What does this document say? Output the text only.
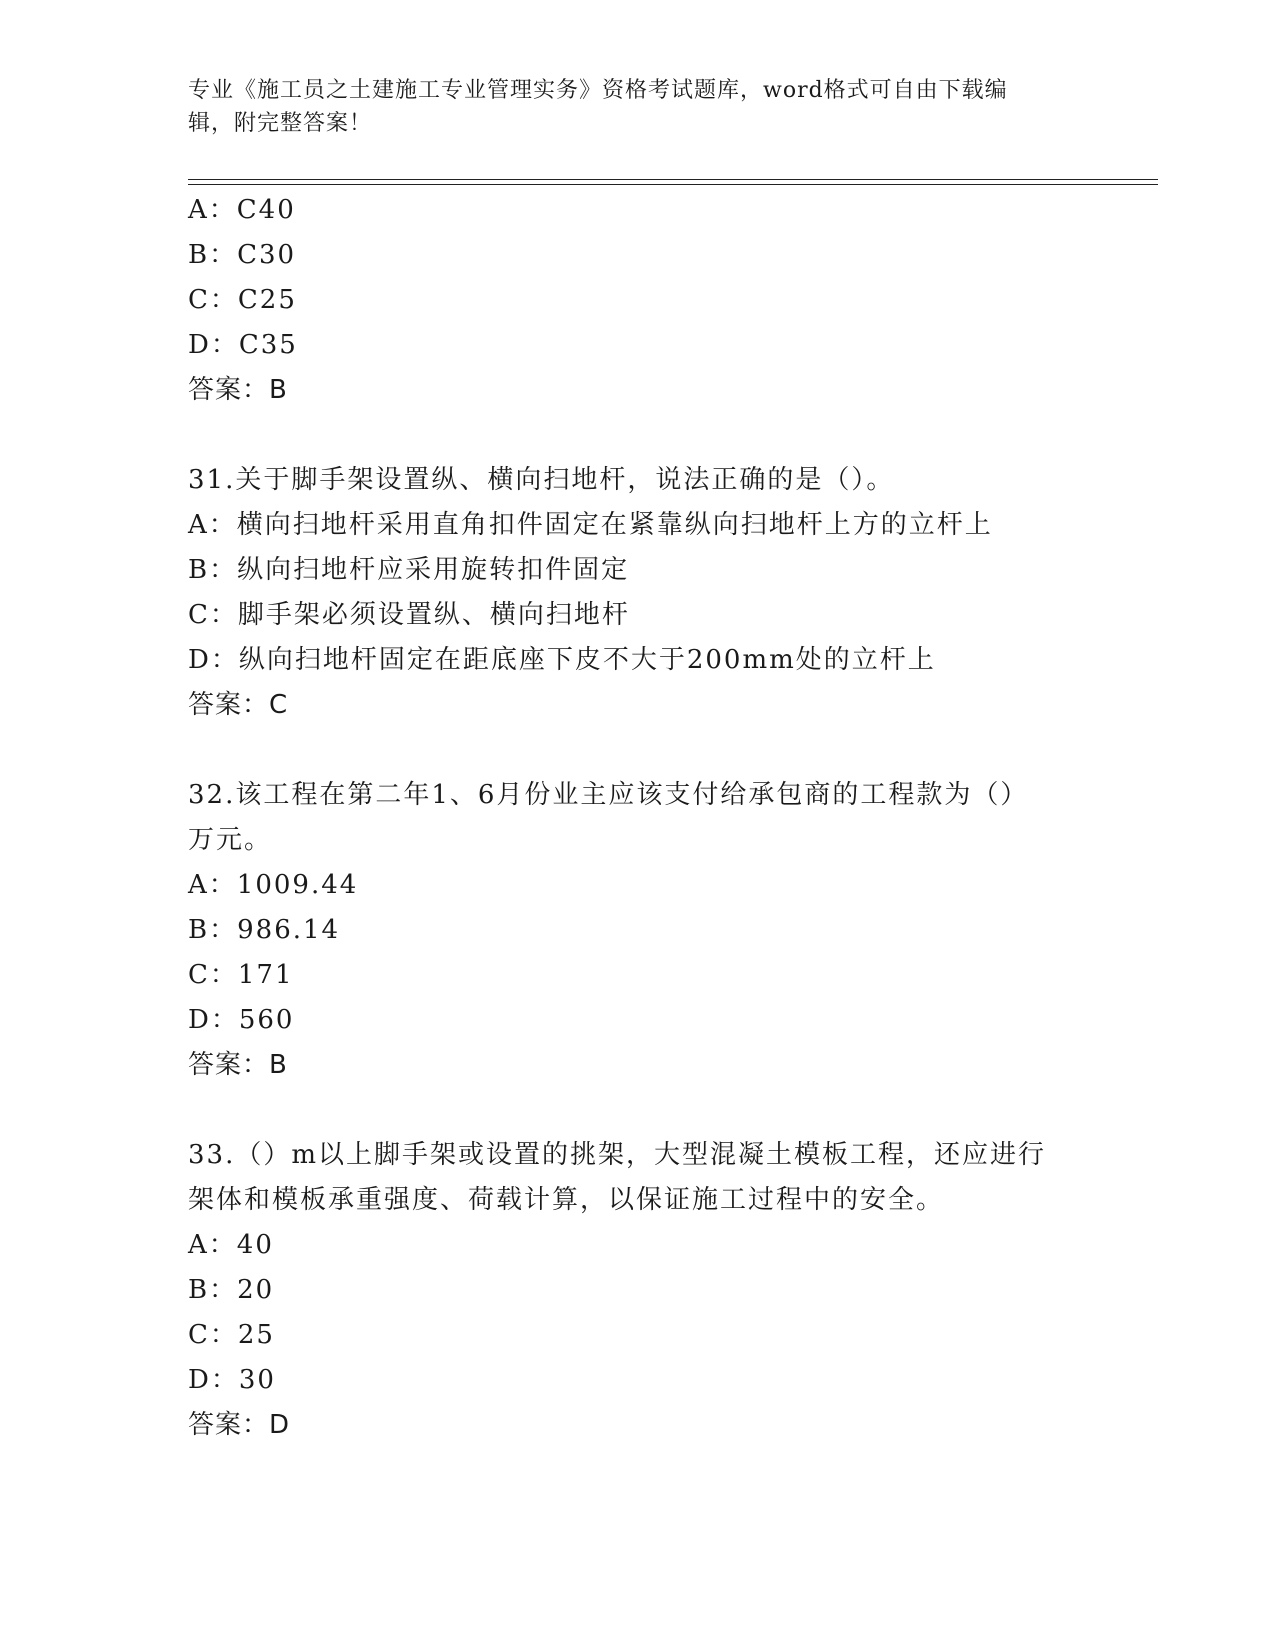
专业《施工员之土建施工专业管理实务》资格考试题库，word格式可自由下载编
辑，附完整答案！
A：C40
B：C30
C：C25
D：C35
答案：B
31.关于脚手架设置纵、横向扫地杆，说法正确的是（）。
A：横向扫地杆采用直角扣件固定在紧靠纵向扫地杆上方的立杆上
B：纵向扫地杆应采用旋转扣件固定
C：脚手架必须设置纵、横向扫地杆
D：纵向扫地杆固定在距底座下皮不大于200mm处的立杆上
答案：C
32.该工程在第二年1、6月份业主应该支付给承包商的工程款为（）
万元。
A：1009.44
B：986.14
C：171
D：560
答案：B
33.（）m以上脚手架或设置的挑架，大型混凝土模板工程，还应进行
架体和模板承重强度、荷载计算，以保证施工过程中的安全。
A：40
B：20
C：25
D：30
答案：D
